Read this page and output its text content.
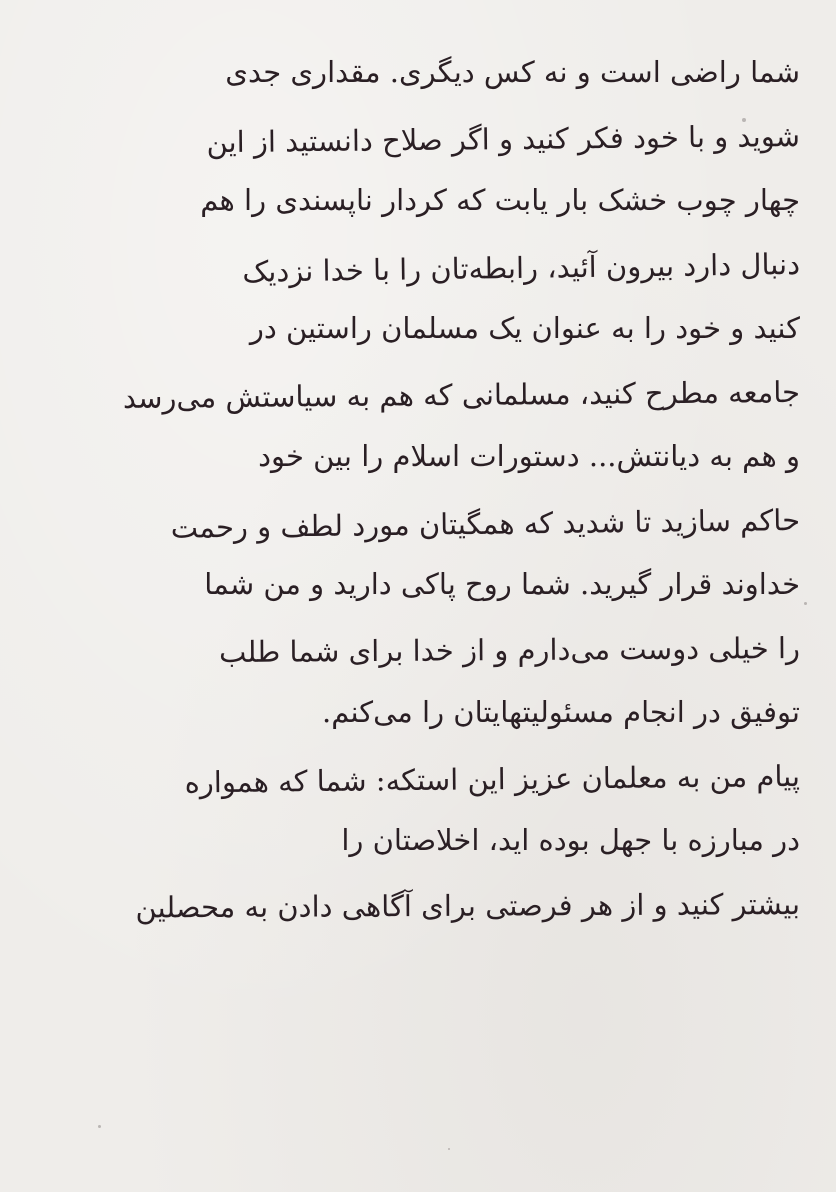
شما راضی است و نه کس دیگری. مقداری جدی
شوید و با خود فکر کنید و اگر صلاح دانستید از این
چهار چوب خشک بار یابت که کردار ناپسندی را هم
دنبال دارد بیرون آئید، رابطه‌تان را با خدا نزدیک
کنید و خود را به عنوان یک مسلمان راستین در
جامعه مطرح کنید، مسلمانی که هم به سیاستش می‌رسد
و هم به دیانتش... دستورات اسلام را بین خود
حاکم سازید تا شدید که همگیتان مورد لطف و رحمت
خداوند قرار گیرید. شما روح پاکی دارید و من شما
را خیلی دوست می‌دارم و از خدا برای شما طلب
توفیق در انجام مسئولیتهایتان را می‌کنم.
پیام من به معلمان عزیز این استکه: شما که همواره
در مبارزه با جهل بوده اید، اخلاصتان را
بیشتر کنید و از هر فرصتی برای آگاهی دادن به محصلین
